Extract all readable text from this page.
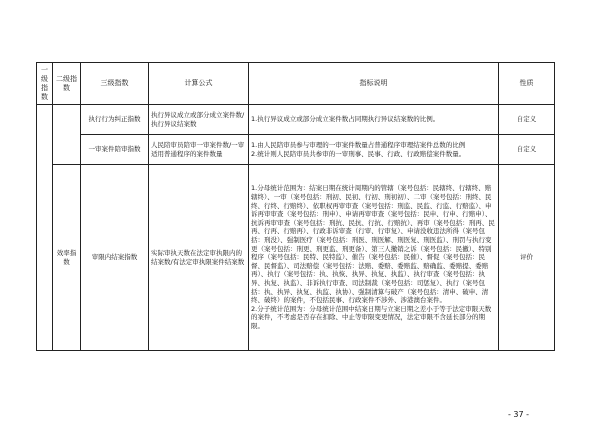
一级指数	二级指数	三级指数	计算公式	指标说明	性质
		执行行为纠正指数	执行异议成立或部分成立案件数/执行异议结案数	1.执行异议成立或部分成立案件数占同期执行异议结案数的比例。	自定义
		一审案件陪审指数	人民陪审员陪审一审案件数/一审适用普通程序的案件数量	1.由人民陪审员参与审理的一审案件数量占普通程序审理结案件总数的比例
2.统计则人民陪审员共参审的一审刑事、民事、行政、行政赔偿案件数量。	自定义
	效率指数	审限内结案指数	实际审执天数在法定审执限内的结案数/有法定审执限案件结案数	1.分母统计范围为：结案日期在统计周期内的管辖（案号包括：民辖终、行辖终、赔辖终）、一审（案号包括：刑初、民初、行初、刑初初）、二审（案号包括：刑终、民终、行终、行赔终）、依职权再审审查（案号包括：刑监、民监、行监、行赔监）、申诉再审审查（案号包括：刑申）、申请再审审查（案号包括：民申、行申、行赔申）、抗诉再审审查（案号包括：刑抗、民抗、行抗、行赔抗）、再审（案号包括：刑再、民再、行再、行赔再）、行政非诉审查（行审、行审复）、申请没收违法所得（案号包括：刑没）、强制医疗（案号包括：刑医、刑医解、刑医复、刑医监）、刑罚与执行变更（案号包括：刑更、刑更监、刑更备）、第三人撤销之诉（案号包括：民撤）、特别程序（案号包括：民特、民特监）、催告（案号包括：民催）、督促（案号包括：民督、民督监）、司法赔偿（案号包括：法赔、委赔、委赔监、赔确监、委赔提、委赔再）、执行（案号包括：执、执恢、执异、执复、执监）、执行审查（案号包括：执异、执复、执监）、非诉执行审查、司法制裁（案号包括：司惩复）、执行（案号包括：执、执异、执复、执监、执协）、强制清算与破产（案号包括：清申、破申、清终、破终）的案件，不包括民事、行政案件不涉外、涉港澳台案件。
2.分子统计范围为：分母统计范围中结案日期与立案日期之差小于等于法定审限天数的案件，不考虑是否存在扣除、中止等审限变更情况，法定审限不含延长部分的期限。	评价
- 37 -
